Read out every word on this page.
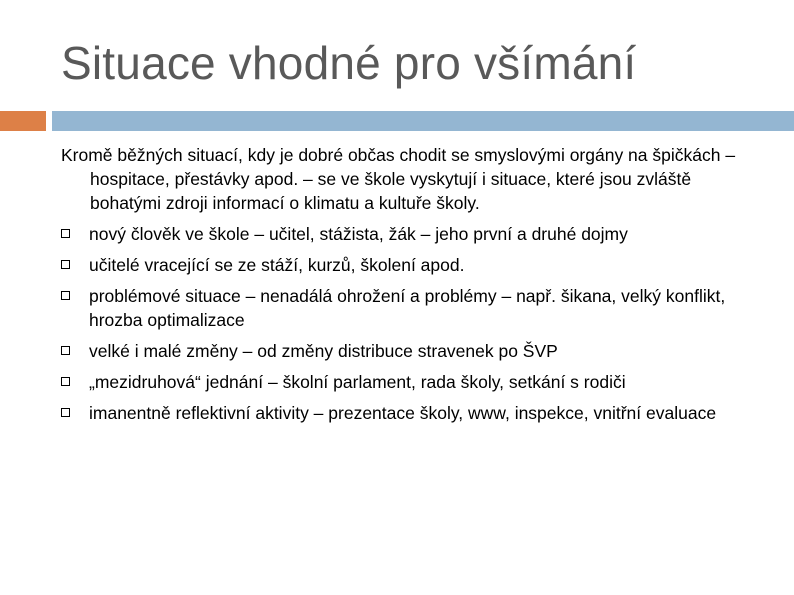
Situace vhodné pro všímání

Kromě běžných situací, kdy je dobré občas chodit se smyslovými orgány na špičkách – hospitace, přestávky apod. – se ve škole vyskytují i situace, které jsou zvláště bohatými zdroji informací o klimatu a kultuře školy.

nový člověk ve škole – učitel, stážista, žák – jeho první a druhé dojmy
učitelé vracející se ze stáží, kurzů, školení apod.
problémové situace – nenadálá ohrožení a problémy – např. šikana, velký konflikt, hrozba optimalizace
velké i malé změny – od změny distribuce stravenek po ŠVP
„mezidruhová“ jednání – školní parlament, rada školy, setkání s rodiči
imanentně reflektivní aktivity – prezentace školy, www, inspekce, vnitřní evaluace
